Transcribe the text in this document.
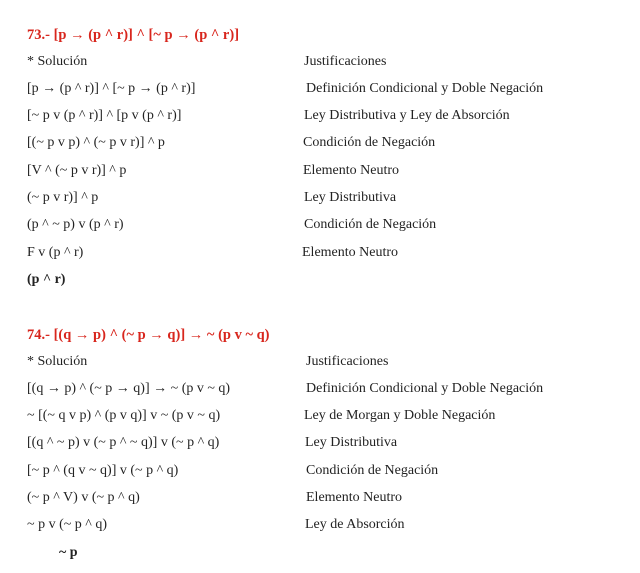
73.- [p → (p ^ r)] ^ [~ p → (p ^ r)]
* Solución	Justificaciones
[p → (p ^ r)] ^ [~ p → (p ^ r)]	Definición Condicional y Doble Negación
[~ p v (p ^ r)] ^ [p v (p ^ r)]	Ley Distributiva y Ley de Absorción
[(~ p v p) ^ (~ p v r)] ^ p	Condición de Negación
[V ^ (~ p v r)] ^ p	Elemento Neutro
(~ p v r)] ^ p	Ley Distributiva
(p ^ ~ p) v (p ^ r)	Condición de Negación
F v (p ^ r)	Elemento Neutro
(p ^ r)
74.- [(q → p) ^ (~ p → q)] → ~ (p v ~ q)
* Solución	Justificaciones
[(q → p) ^ (~ p → q)] → ~ (p v ~ q)	Definición Condicional y Doble Negación
~ [(~ q v p) ^ (p v q)] v ~ (p v ~ q)	Ley de Morgan y Doble Negación
[(q ^ ~ p) v (~ p ^ ~ q)] v (~ p ^ q)	Ley Distributiva
[~ p ^ (q v ~ q)] v (~ p ^ q)	Condición de Negación
(~ p ^ V) v (~ p ^ q)	Elemento Neutro
~ p v (~ p ^ q)	Ley de Absorción
~ p
